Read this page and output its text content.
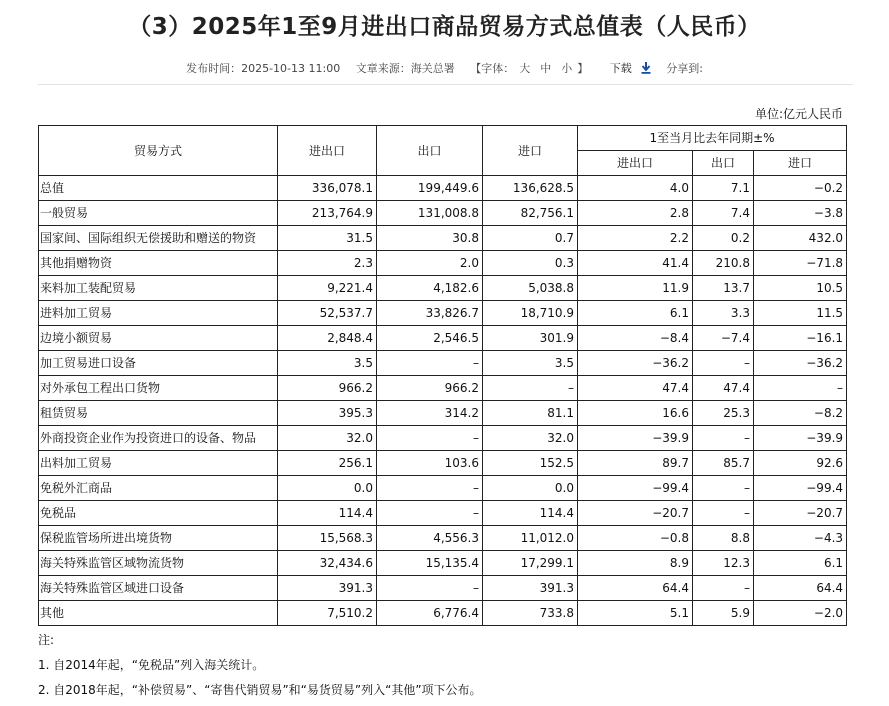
（3）2025年1至9月进出口商品贸易方式总值表（人民币）
发布时间：2025-10-13 11:00 文章来源：海关总署 【字体： 大 中 小 】 下载	分享到:
单位:亿元人民币
贸易方式	进出口	出口	进口	1至当月比去年同期±%		
				进出口	出口	进口
总值	336,078.1	199,449.6	136,628.5	4.0	7.1	−0.2
一般贸易	213,764.9	131,008.8	82,756.1	2.8	7.4	−3.8
国家间、国际组织无偿援助和赠送的物资	31.5	30.8	0.7	2.2	0.2	432.0
其他捐赠物资	2.3	2.0	0.3	41.4	210.8	−71.8
来料加工装配贸易	9,221.4	4,182.6	5,038.8	11.9	13.7	10.5
进料加工贸易	52,537.7	33,826.7	18,710.9	6.1	3.3	11.5
边境小额贸易	2,848.4	2,546.5	301.9	−8.4	−7.4	−16.1
加工贸易进口设备	3.5	–	3.5	−36.2	–	−36.2
对外承包工程出口货物	966.2	966.2	–	47.4	47.4	–
租赁贸易	395.3	314.2	81.1	16.6	25.3	−8.2
外商投资企业作为投资进口的设备、物品	32.0	–	32.0	−39.9	–	−39.9
出料加工贸易	256.1	103.6	152.5	89.7	85.7	92.6
免税外汇商品	0.0	–	0.0	−99.4	–	−99.4
免税品	114.4	–	114.4	−20.7	–	−20.7
保税监管场所进出境货物	15,568.3	4,556.3	11,012.0	−0.8	8.8	−4.3
海关特殊监管区域物流货物	32,434.6	15,135.4	17,299.1	8.9	12.3	6.1
海关特殊监管区域进口设备	391.3	–	391.3	64.4	–	64.4
其他	7,510.2	6,776.4	733.8	5.1	5.9	−2.0
注:
1. 自2014年起，“免税品”列入海关统计。
2. 自2018年起，“补偿贸易”、“寄售代销贸易”和“易货贸易”列入“其他”项下公布。
